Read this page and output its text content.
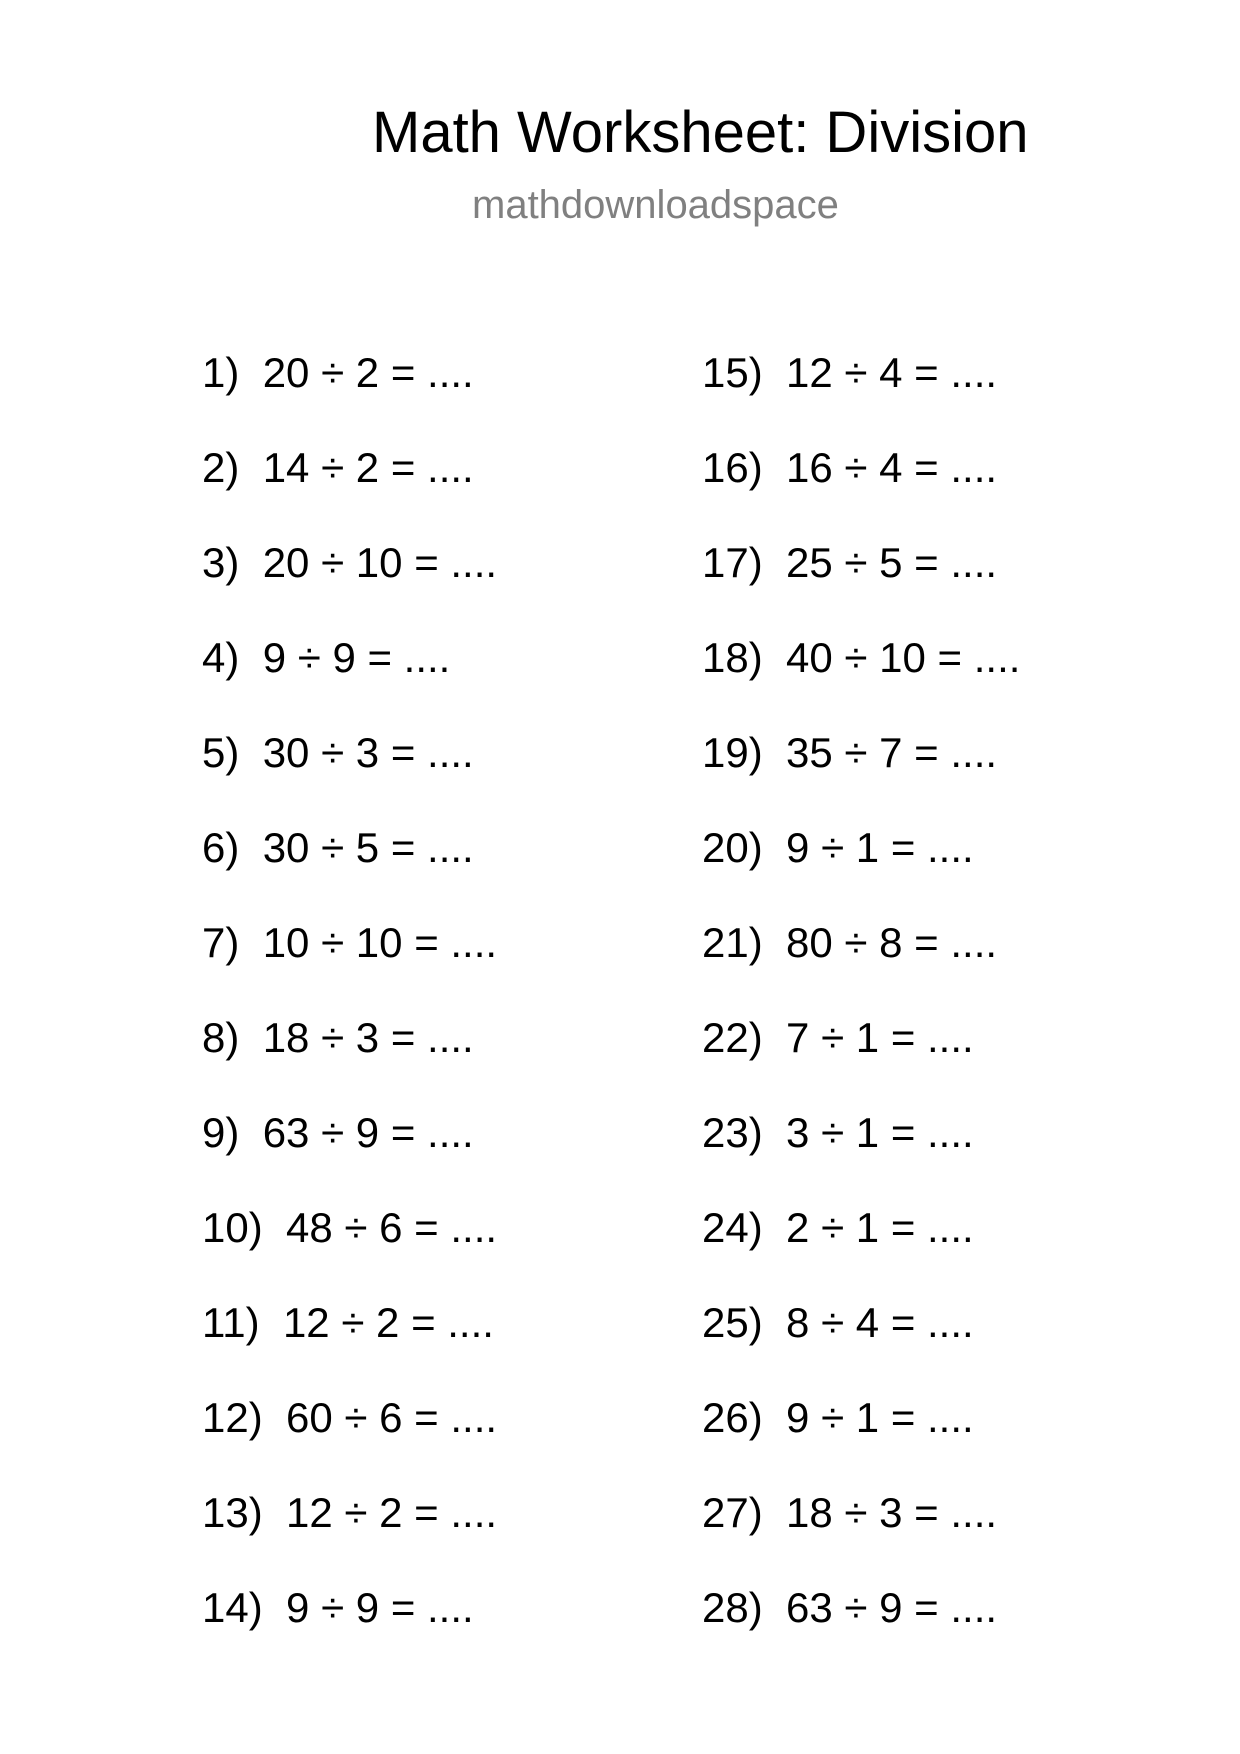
Math Worksheet: Division
mathdownloadspace
1) 20 ÷ 2 = ....
2) 14 ÷ 2 = ....
3) 20 ÷ 10 = ....
4) 9 ÷ 9 = ....
5) 30 ÷ 3 = ....
6) 30 ÷ 5 = ....
7) 10 ÷ 10 = ....
8) 18 ÷ 3 = ....
9) 63 ÷ 9 = ....
10) 48 ÷ 6 = ....
11) 12 ÷ 2 = ....
12) 60 ÷ 6 = ....
13) 12 ÷ 2 = ....
14) 9 ÷ 9 = ....
15) 12 ÷ 4 = ....
16) 16 ÷ 4 = ....
17) 25 ÷ 5 = ....
18) 40 ÷ 10 = ....
19) 35 ÷ 7 = ....
20) 9 ÷ 1 = ....
21) 80 ÷ 8 = ....
22) 7 ÷ 1 = ....
23) 3 ÷ 1 = ....
24) 2 ÷ 1 = ....
25) 8 ÷ 4 = ....
26) 9 ÷ 1 = ....
27) 18 ÷ 3 = ....
28) 63 ÷ 9 = ....
